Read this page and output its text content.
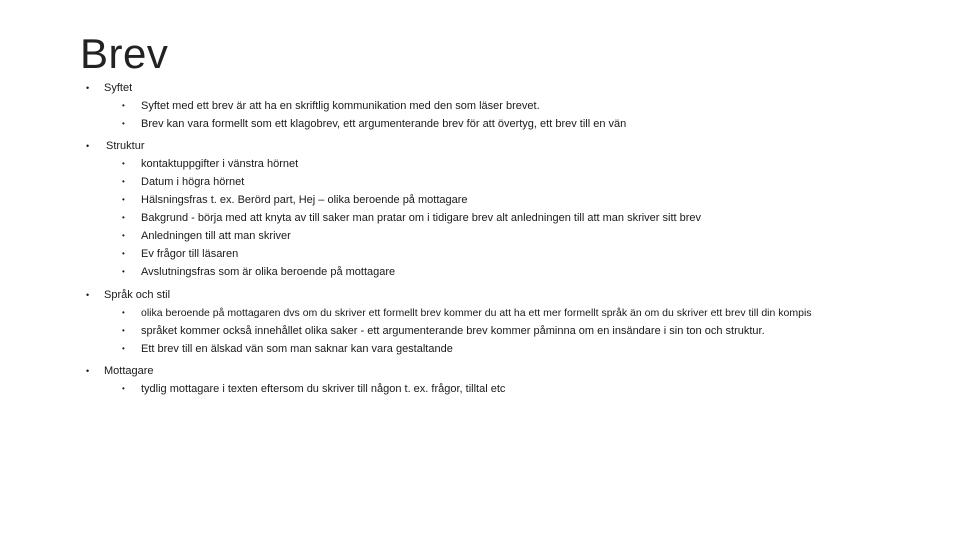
Brev
• Syftet
• Syftet med ett brev är att ha en skriftlig kommunikation med den som läser brevet.
• Brev kan vara formellt som ett klagobrev, ett argumenterande brev för att övertyg, ett brev till en vän
• Struktur
• kontaktuppgifter i vänstra hörnet
• Datum i högra hörnet
• Hälsningsfras t. ex. Berörd part, Hej – olika beroende på mottagare
• Bakgrund - börja med att knyta av till saker man pratar om i tidigare brev alt anledningen till att man skriver sitt brev
• Anledningen till att man skriver
• Ev frågor till läsaren
• Avslutningsfras som är olika beroende på mottagare
• Språk och stil
• olika beroende på mottagaren dvs om du skriver ett formellt brev kommer du att ha ett mer formellt språk än om du skriver ett brev till din kompis
• språket kommer också innehållet olika saker - ett argumenterande brev kommer påminna om en insändare i sin ton och struktur.
• Ett brev till en älskad vän som man saknar kan vara gestaltande
• Mottagare
• tydlig mottagare i texten eftersom du skriver till någon t. ex. frågor, tilltal etc
